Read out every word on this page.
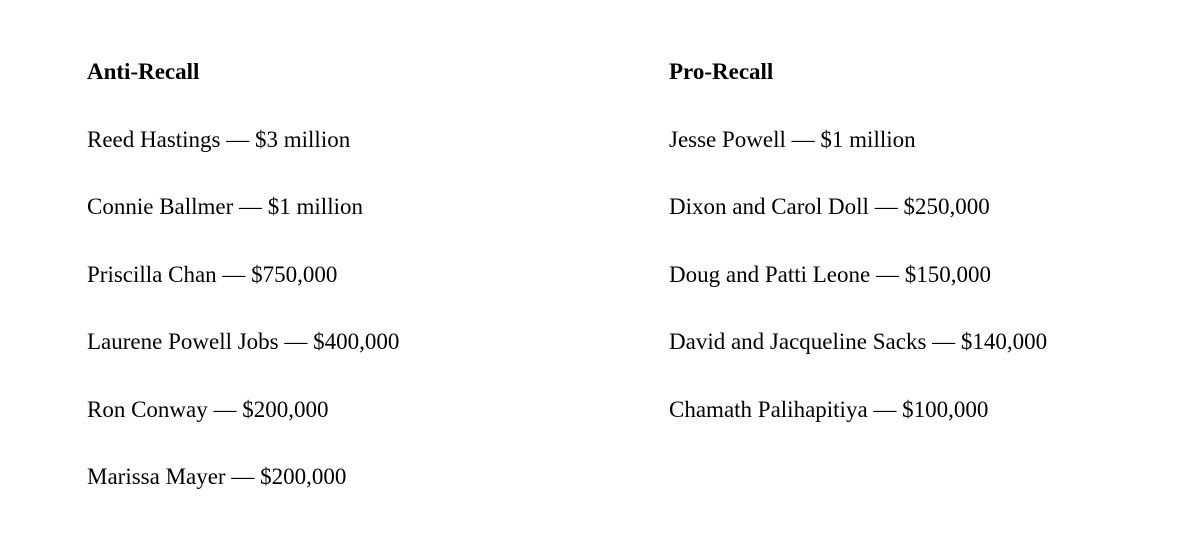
Anti-Recall
Reed Hastings — $3 million
Connie Ballmer — $1 million
Priscilla Chan — $750,000
Laurene Powell Jobs — $400,000
Ron Conway — $200,000
Marissa Mayer — $200,000
Pro-Recall
Jesse Powell — $1 million
Dixon and Carol Doll — $250,000
Doug and Patti Leone — $150,000
David and Jacqueline Sacks — $140,000
Chamath Palihapitiya — $100,000
